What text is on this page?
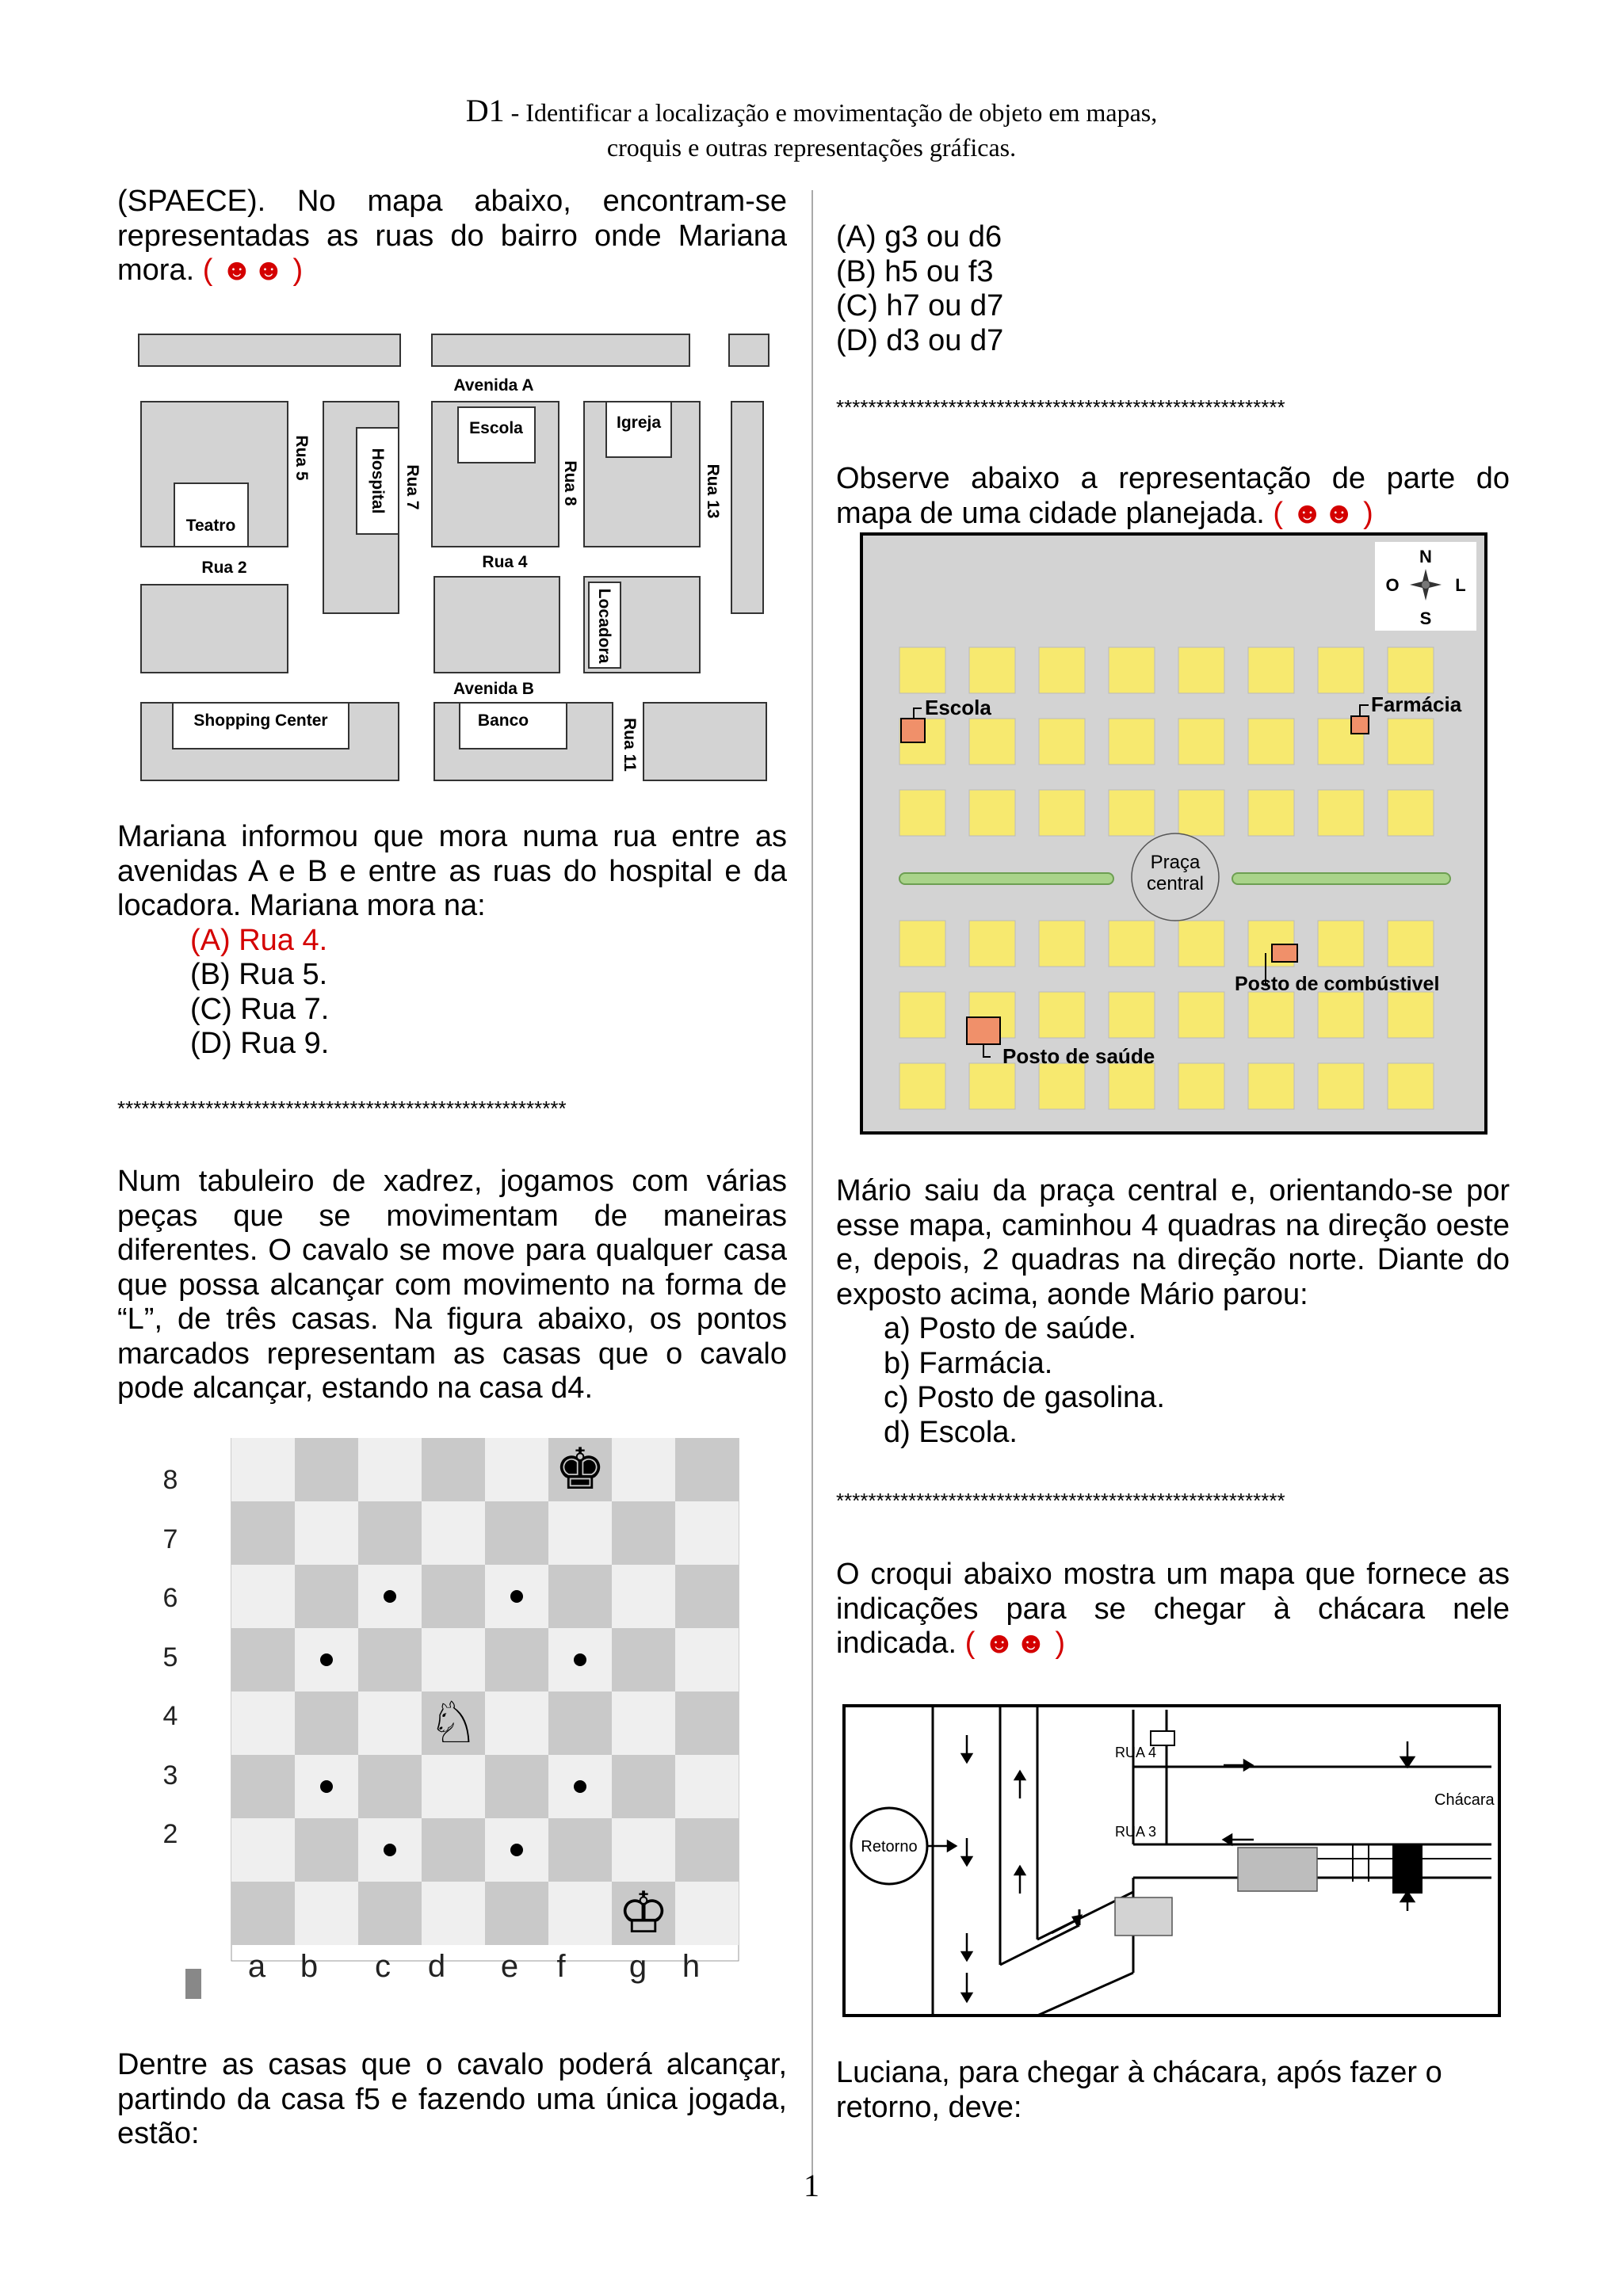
D1 - Identificar a localização e movimentação de objeto em mapas,
croquis e outras representações gráficas.

(SPAECE). No mapa abaixo, encontram-se representadas as ruas do bairro onde Mariana mora. ( ☻☻ )

Avenida A
Avenida B
Rua 2	Rua 4
Rua 5
Rua 7	Rua 8
Rua 11
Rua 13
Escola	Igreja
Teatro
Hospital
Locadora
Shopping Center	Banco

Mariana informou que mora numa rua entre as avenidas A e B e entre as ruas do hospital e da locadora. Mariana mora na:

(A) Rua 4.
(B) Rua 5.
(C) Rua 7.
(D) Rua 9.
********************************************************

Num tabuleiro de xadrez, jogamos com várias peças que se movimentam de maneiras diferentes. O cavalo se move para qualquer casa que possa alcançar com movimento na forma de “L”, de três casas. Na figura abaixo, os pontos marcados representam as casas que o cavalo pode alcançar, estando na casa d4.

♘
♚
♔
8
7
6
5
4
3
2
a b c d e f g h

Dentre as casas que o cavalo poderá alcançar, partindo da casa f5 e fazendo uma única jogada, estão:

(A) g3 ou d6
(B) h5 ou f3
(C) h7 ou d7
(D) d3 ou d7
********************************************************

Observe abaixo a representação de parte do mapa de uma cidade planejada. ( ☻☻ )

Praça
central
N
O	L
S
Escola	Farmácia
Posto de combústivel
Posto de saúde

Mário saiu da praça central e, orientando-se por esse mapa, caminhou 4 quadras na direção oeste e, depois, 2 quadras na direção norte. Diante do exposto acima, aonde Mário parou:

a) Posto de saúde.
b) Farmácia.
c) Posto de gasolina.
d) Escola.
********************************************************

O croqui abaixo mostra um mapa que fornece as indicações para se chegar à chácara nele indicada. ( ☻☻ )

Retorno
Chácara
RUA 4
RUA 3

Luciana, para chegar à chácara, após fazer o retorno, deve:

1
